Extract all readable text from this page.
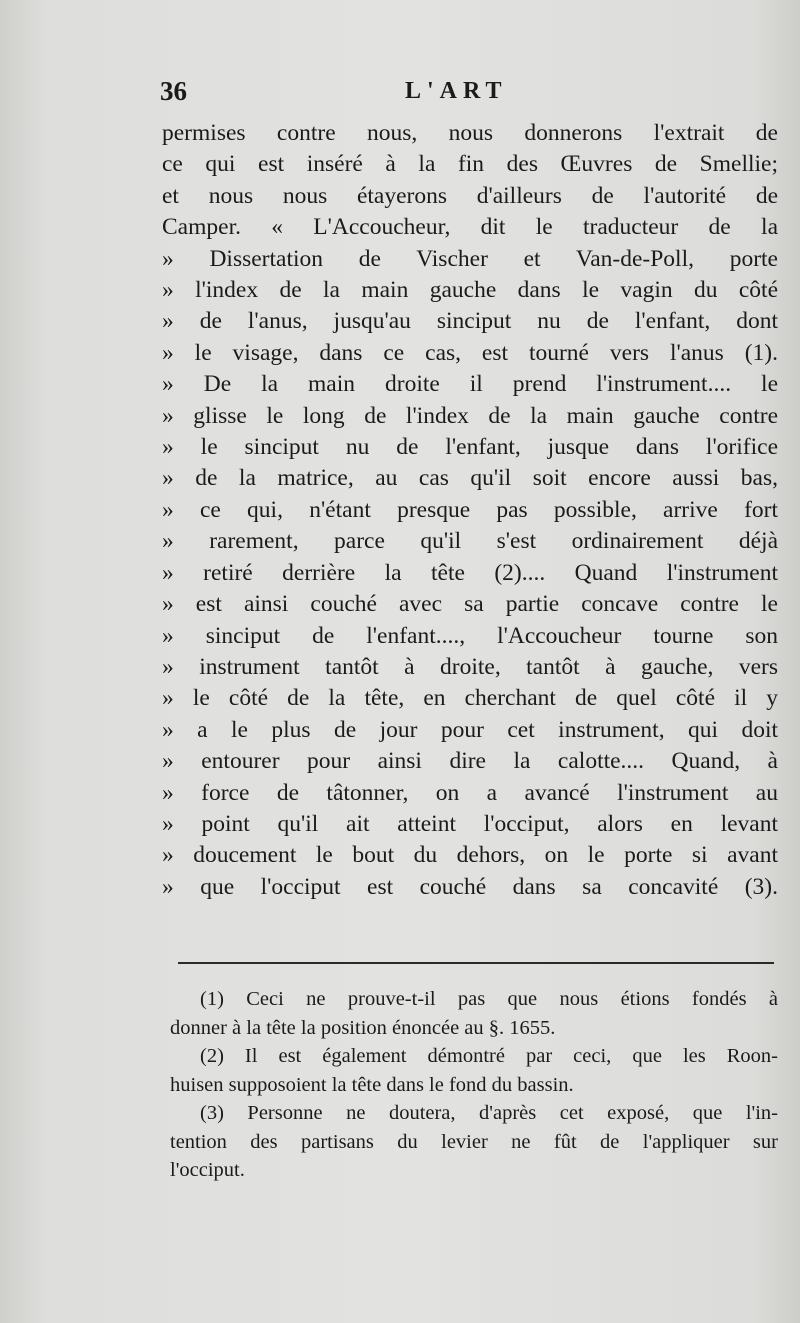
36	L'ART
permises contre nous, nous donnerons l'extrait de
ce qui est inséré à la fin des Œuvres de Smellie;
et nous nous étayerons d'ailleurs de l'autorité de
Camper. « L'Accoucheur, dit le traducteur de la
» Dissertation de Vischer et Van-de-Poll, porte
» l'index de la main gauche dans le vagin du côté
» de l'anus, jusqu'au sinciput nu de l'enfant, dont
» le visage, dans ce cas, est tourné vers l'anus (1).
» De la main droite il prend l'instrument.... le
» glisse le long de l'index de la main gauche contre
» le sinciput nu de l'enfant, jusque dans l'orifice
» de la matrice, au cas qu'il soit encore aussi bas,
» ce qui, n'étant presque pas possible, arrive fort
» rarement, parce qu'il s'est ordinairement déjà
» retiré derrière la tête (2).... Quand l'instrument
» est ainsi couché avec sa partie concave contre le
» sinciput de l'enfant...., l'Accoucheur tourne son
» instrument tantôt à droite, tantôt à gauche, vers
» le côté de la tête, en cherchant de quel côté il y
» a le plus de jour pour cet instrument, qui doit
» entourer pour ainsi dire la calotte.... Quand, à
» force de tâtonner, on a avancé l'instrument au
» point qu'il ait atteint l'occiput, alors en levant
» doucement le bout du dehors, on le porte si avant
» que l'occiput est couché dans sa concavité (3).
(1) Ceci ne prouve-t-il pas que nous étions fondés à
donner à la tête la position énoncée au §. 1655.
(2) Il est également démontré par ceci, que les Roon-
huisen supposoient la tête dans le fond du bassin.
(3) Personne ne doutera, d'après cet exposé, que l'in-
tention des partisans du levier ne fût de l'appliquer sur
l'occiput.
